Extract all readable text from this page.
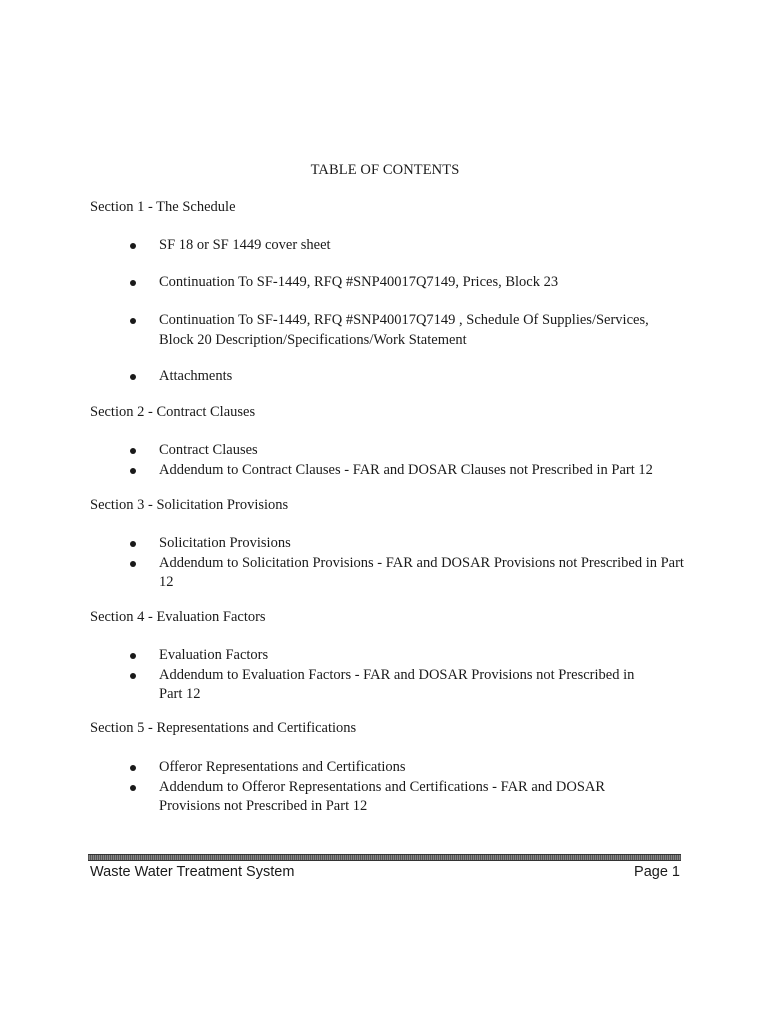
TABLE OF CONTENTS
Section 1 - The Schedule
SF 18 or SF 1449 cover sheet
Continuation To SF-1449, RFQ #SNP40017Q7149, Prices, Block 23
Continuation To SF-1449, RFQ #SNP40017Q7149 , Schedule Of Supplies/Services, Block 20 Description/Specifications/Work Statement
Attachments
Section 2 - Contract Clauses
Contract Clauses
Addendum to Contract Clauses - FAR and DOSAR Clauses not Prescribed in Part 12
Section 3 - Solicitation Provisions
Solicitation Provisions
Addendum to Solicitation Provisions - FAR and DOSAR Provisions not Prescribed in Part 12
Section 4 - Evaluation Factors
Evaluation Factors
Addendum to Evaluation Factors - FAR and DOSAR Provisions not Prescribed in Part 12
Section 5 - Representations and Certifications
Offeror Representations and Certifications
Addendum to Offeror Representations and Certifications - FAR and DOSAR Provisions not Prescribed in Part 12
Waste Water Treatment System	Page 1
